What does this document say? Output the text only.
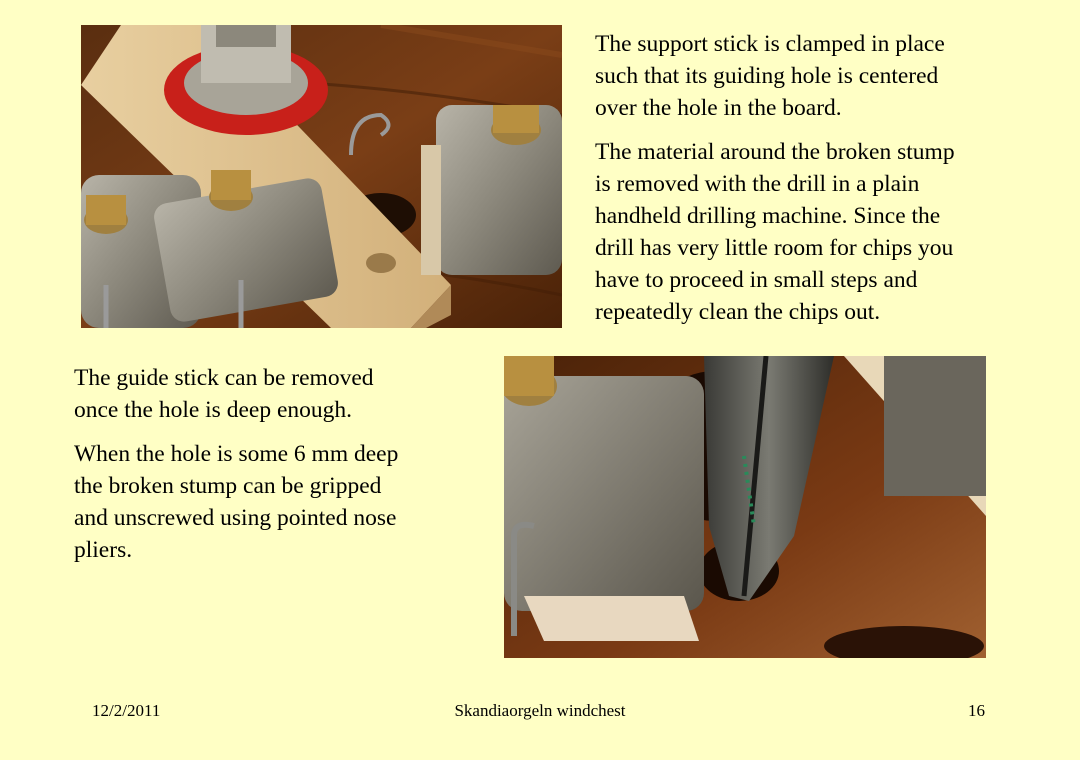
The support stick is clamped in place
such that its guiding hole is centered
over the hole in the board.

The material around the broken stump
is removed with the drill in a plain
handheld drilling machine. Since the
drill has very little room for chips you
have to proceed in small steps and
repeatedly clean the chips out.

The guide stick can be removed
once the hole is deep enough.

When the hole is some 6 mm deep
the broken stump can be gripped
and unscrewed using pointed nose
pliers.

12/2/2011	Skandiaorgeln windchest	16
